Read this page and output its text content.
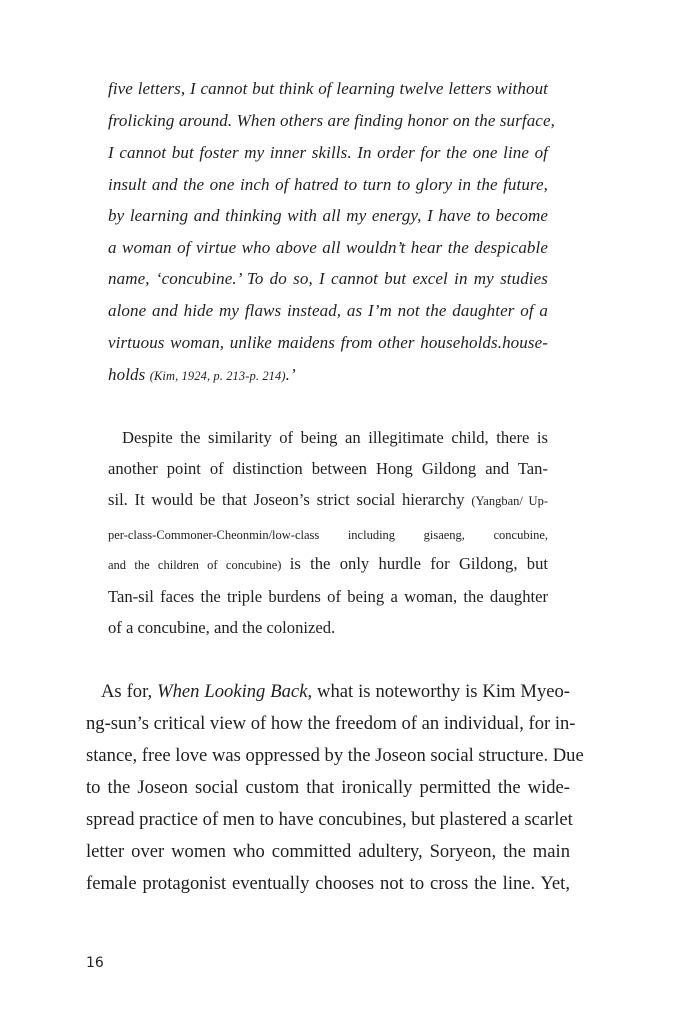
five letters, I cannot but think of learning twelve letters without

frolicking around. When others are finding honor on the surface,

I cannot but foster my inner skills. In order for the one line of

insult and the one inch of hatred to turn to glory in the future,

by learning and thinking with all my energy, I have to become

a woman of virtue who above all wouldn’t hear the despicable

name, ‘concubine.’ To do so, I cannot but excel in my studies

alone and hide my flaws instead, as I’m not the daughter of a

virtuous woman, unlike maidens from other households.house-

holds (Kim, 1924, p. 213-p. 214).’

Despite the similarity of being an illegitimate child, there is

another point of distinction between Hong Gildong and Tan-

sil. It would be that Joseon’s strict social hierarchy (Yangban/ Up-

per-class-Commoner-Cheonmin/low-class including gisaeng, concubine,

and the children of concubine) is the only hurdle for Gildong, but

Tan-sil faces the triple burdens of being a woman, the daughter

of a concubine, and the colonized.

As for, When Looking Back, what is noteworthy is Kim Myeo-

ng-sun’s critical view of how the freedom of an individual, for in-

stance, free love was oppressed by the Joseon social structure. Due

to the Joseon social custom that ironically permitted the wide-

spread practice of men to have concubines, but plastered a scarlet

letter over women who committed adultery, Soryeon, the main

female protagonist eventually chooses not to cross the line. Yet,

16
